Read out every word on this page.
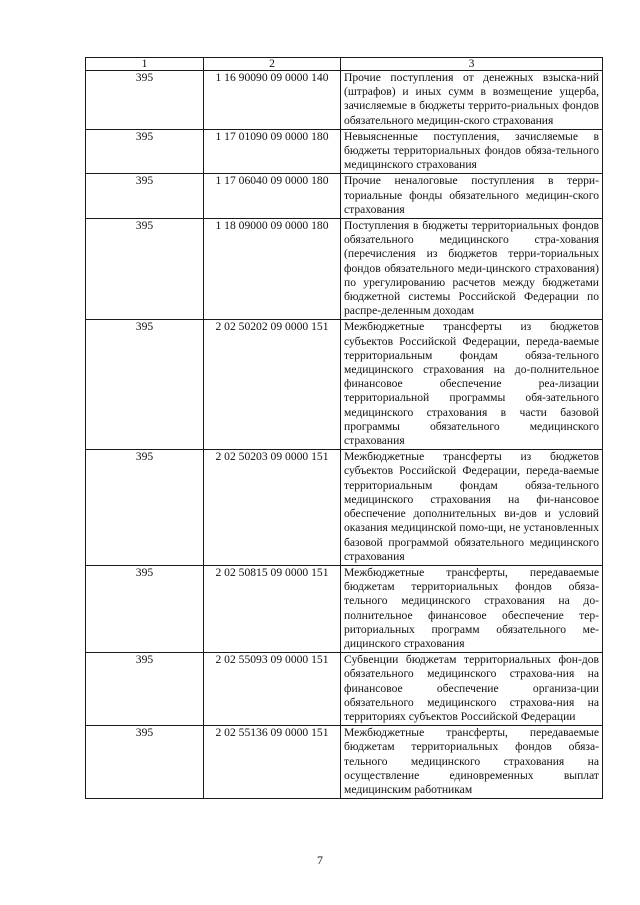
1	2	3
395	1 16 90090 09 0000 140	Прочие поступления от денежных взыска-ний (штрафов) и иных сумм в возмещение ущерба, зачисляемые в бюджеты террито-риальных фондов обязательного медицин-ского страхования
395	1 17 01090 09 0000 180	Невыясненные поступления, зачисляемые в бюджеты территориальных фондов обяза-тельного медицинского страхования
395	1 17 06040 09 0000 180	Прочие неналоговые поступления в терри-ториальные фонды обязательного медицин-ского страхования
395	1 18 09000 09 0000 180	Поступления в бюджеты территориальных фондов обязательного медицинского стра-хования (перечисления из бюджетов терри-ториальных фондов обязательного меди-цинского страхования) по урегулированию расчетов между бюджетами бюджетной системы Российской Федерации по распре-деленным доходам
395	2 02 50202 09 0000 151	Межбюджетные трансферты из бюджетов субъектов Российской Федерации, переда-ваемые территориальным фондам обяза-тельного медицинского страхования на до-полнительное финансовое обеспечение реа-лизации территориальной программы обя-зательного медицинского страхования в части базовой программы обязательного медицинского страхования
395	2 02 50203 09 0000 151	Межбюджетные трансферты из бюджетов субъектов Российской Федерации, переда-ваемые территориальным фондам обяза-тельного медицинского страхования на фи-нансовое обеспечение дополнительных ви-дов и условий оказания медицинской помо-щи, не установленных базовой программой обязательного медицинского страхования
395	2 02 50815 09 0000 151	Межбюджетные трансферты, передаваемые бюджетам территориальных фондов обяза-тельного медицинского страхования на до-полнительное финансовое обеспечение тер-риториальных программ обязательного ме-дицинского страхования
395	2 02 55093 09 0000 151	Субвенции бюджетам территориальных фон-дов обязательного медицинского страхова-ния на финансовое обеспечение организа-ции обязательного медицинского страхова-ния на территориях субъектов Российской Федерации
395	2 02 55136 09 0000 151	Межбюджетные трансферты, передаваемые бюджетам территориальных фондов обяза-тельного медицинского страхования на осуществление единовременных выплат медицинским работникам
7
